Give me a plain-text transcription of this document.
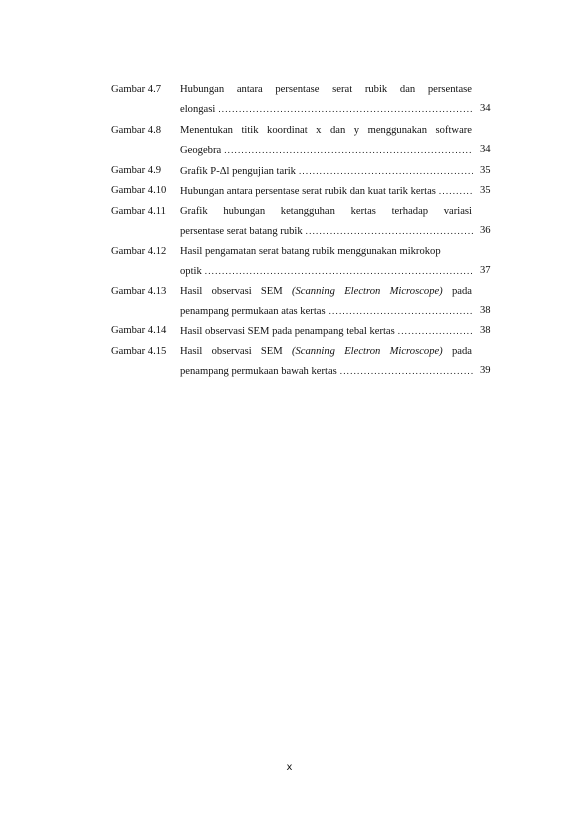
Gambar 4.7 Hubungan antara persentase serat rubik dan persentase
elongasi .....	34
Gambar 4.8 Menentukan titik koordinat x dan y menggunakan software
Geogebra .....	34
Gambar 4.9 Grafik P-Δl pengujian tarik .....	35
Gambar 4.10 Hubungan antara persentase serat rubik dan kuat tarik kertas .....	35
Gambar 4.11 Grafik hubungan ketangguhan kertas terhadap variasi
persentase serat batang rubik .....	36
Gambar 4.12 Hasil pengamatan serat batang rubik menggunakan mikrokop
optik .....	37
Gambar 4.13 Hasil observasi SEM (Scanning Electron Microscope) pada
penampang permukaan atas kertas .....	38
Gambar 4.14 Hasil observasi SEM pada penampang tebal kertas .....	38
Gambar 4.15 Hasil observasi SEM (Scanning Electron Microscope) pada
penampang permukaan bawah kertas .....	39
x
